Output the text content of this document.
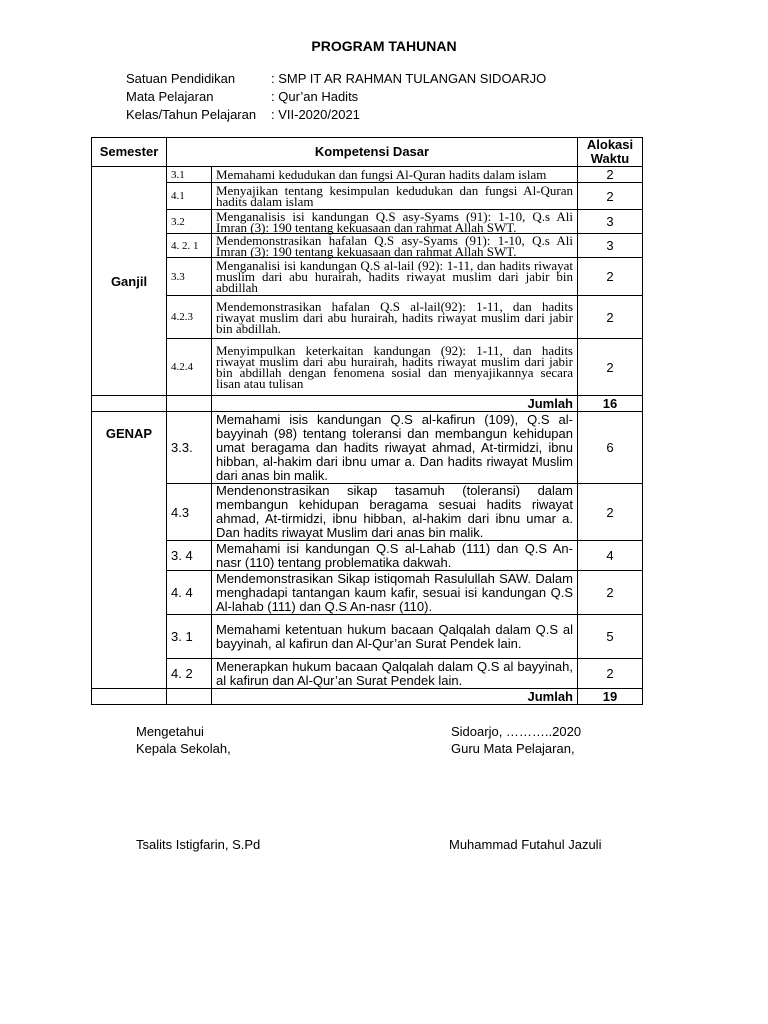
PROGRAM TAHUNAN
Satuan Pendidikan	: SMP IT AR RAHMAN TULANGAN SIDOARJO
Mata Pelajaran	: Qur’an Hadits
Kelas/Tahun Pelajaran	: VII-2020/2021
Semester	Kompetensi Dasar		Alokasi Waktu
Ganjil	3.1	Memahami kedudukan dan fungsi Al-Quran hadits dalam islam	2
	4.1	Menyajikan tentang kesimpulan kedudukan dan fungsi Al-Quran hadits dalam islam	2
	3.2	Menganalisis isi kandungan Q.S asy-Syams (91): 1-10, Q.s Ali Imran (3): 190 tentang kekuasaan dan rahmat Allah SWT.	3
	4. 2. 1	Mendemonstrasikan hafalan Q.S asy-Syams (91): 1-10, Q.s Ali Imran (3): 190 tentang kekuasaan dan rahmat Allah SWT.	3
	3.3	Menganalisi isi kandungan Q.S al-lail (92): 1-11, dan hadits riwayat muslim dari abu hurairah, hadits riwayat muslim dari jabir bin abdillah	2
	4.2.3	Mendemonstrasikan hafalan Q.S al-lail(92): 1-11, dan hadits riwayat muslim dari abu hurairah, hadits riwayat muslim dari jabir bin abdillah.	2
	4.2.4	Menyimpulkan keterkaitan kandungan (92): 1-11, dan hadits riwayat muslim dari abu hurairah, hadits riwayat muslim dari jabir bin abdillah dengan fenomena sosial dan menyajikannya secara lisan atau tulisan	2
		Jumlah	16
GENAP	3.3.	Memahami isis kandungan Q.S al-kafirun (109), Q.S al-bayyinah (98) tentang toleransi dan membangun kehidupan umat beragama dan hadits riwayat ahmad, At-tirmidzi, ibnu hibban, al-hakim dari ibnu umar a. Dan hadits riwayat Muslim dari anas bin malik.	6
	4.3	Mendenonstrasikan sikap tasamuh (toleransi) dalam membangun kehidupan beragama sesuai hadits riwayat ahmad, At-tirmidzi, ibnu hibban, al-hakim dari ibnu umar a. Dan hadits riwayat Muslim dari anas bin malik.	2
	3. 4	Memahami isi kandungan Q.S al-Lahab (111) dan Q.S An-nasr (110) tentang problematika dakwah.	4
	4. 4	Mendemonstrasikan Sikap istiqomah Rasulullah SAW. Dalam menghadapi tantangan kaum kafir, sesuai isi kandungan Q.S Al-lahab (111) dan Q.S An-nasr (110).	2
	3. 1	Memahami ketentuan hukum bacaan Qalqalah dalam Q.S al bayyinah, al kafirun dan Al-Qur’an Surat Pendek lain.	5
	4. 2	Menerapkan hukum bacaan Qalqalah dalam Q.S al bayyinah, al kafirun dan Al-Qur’an Surat Pendek lain.	2
		Jumlah	19
Mengetahui
Kepala Sekolah,
Sidoarjo, ………..2020
Guru Mata Pelajaran,
Tsalits Istigfarin, S.Pd	Muhammad Futahul Jazuli
